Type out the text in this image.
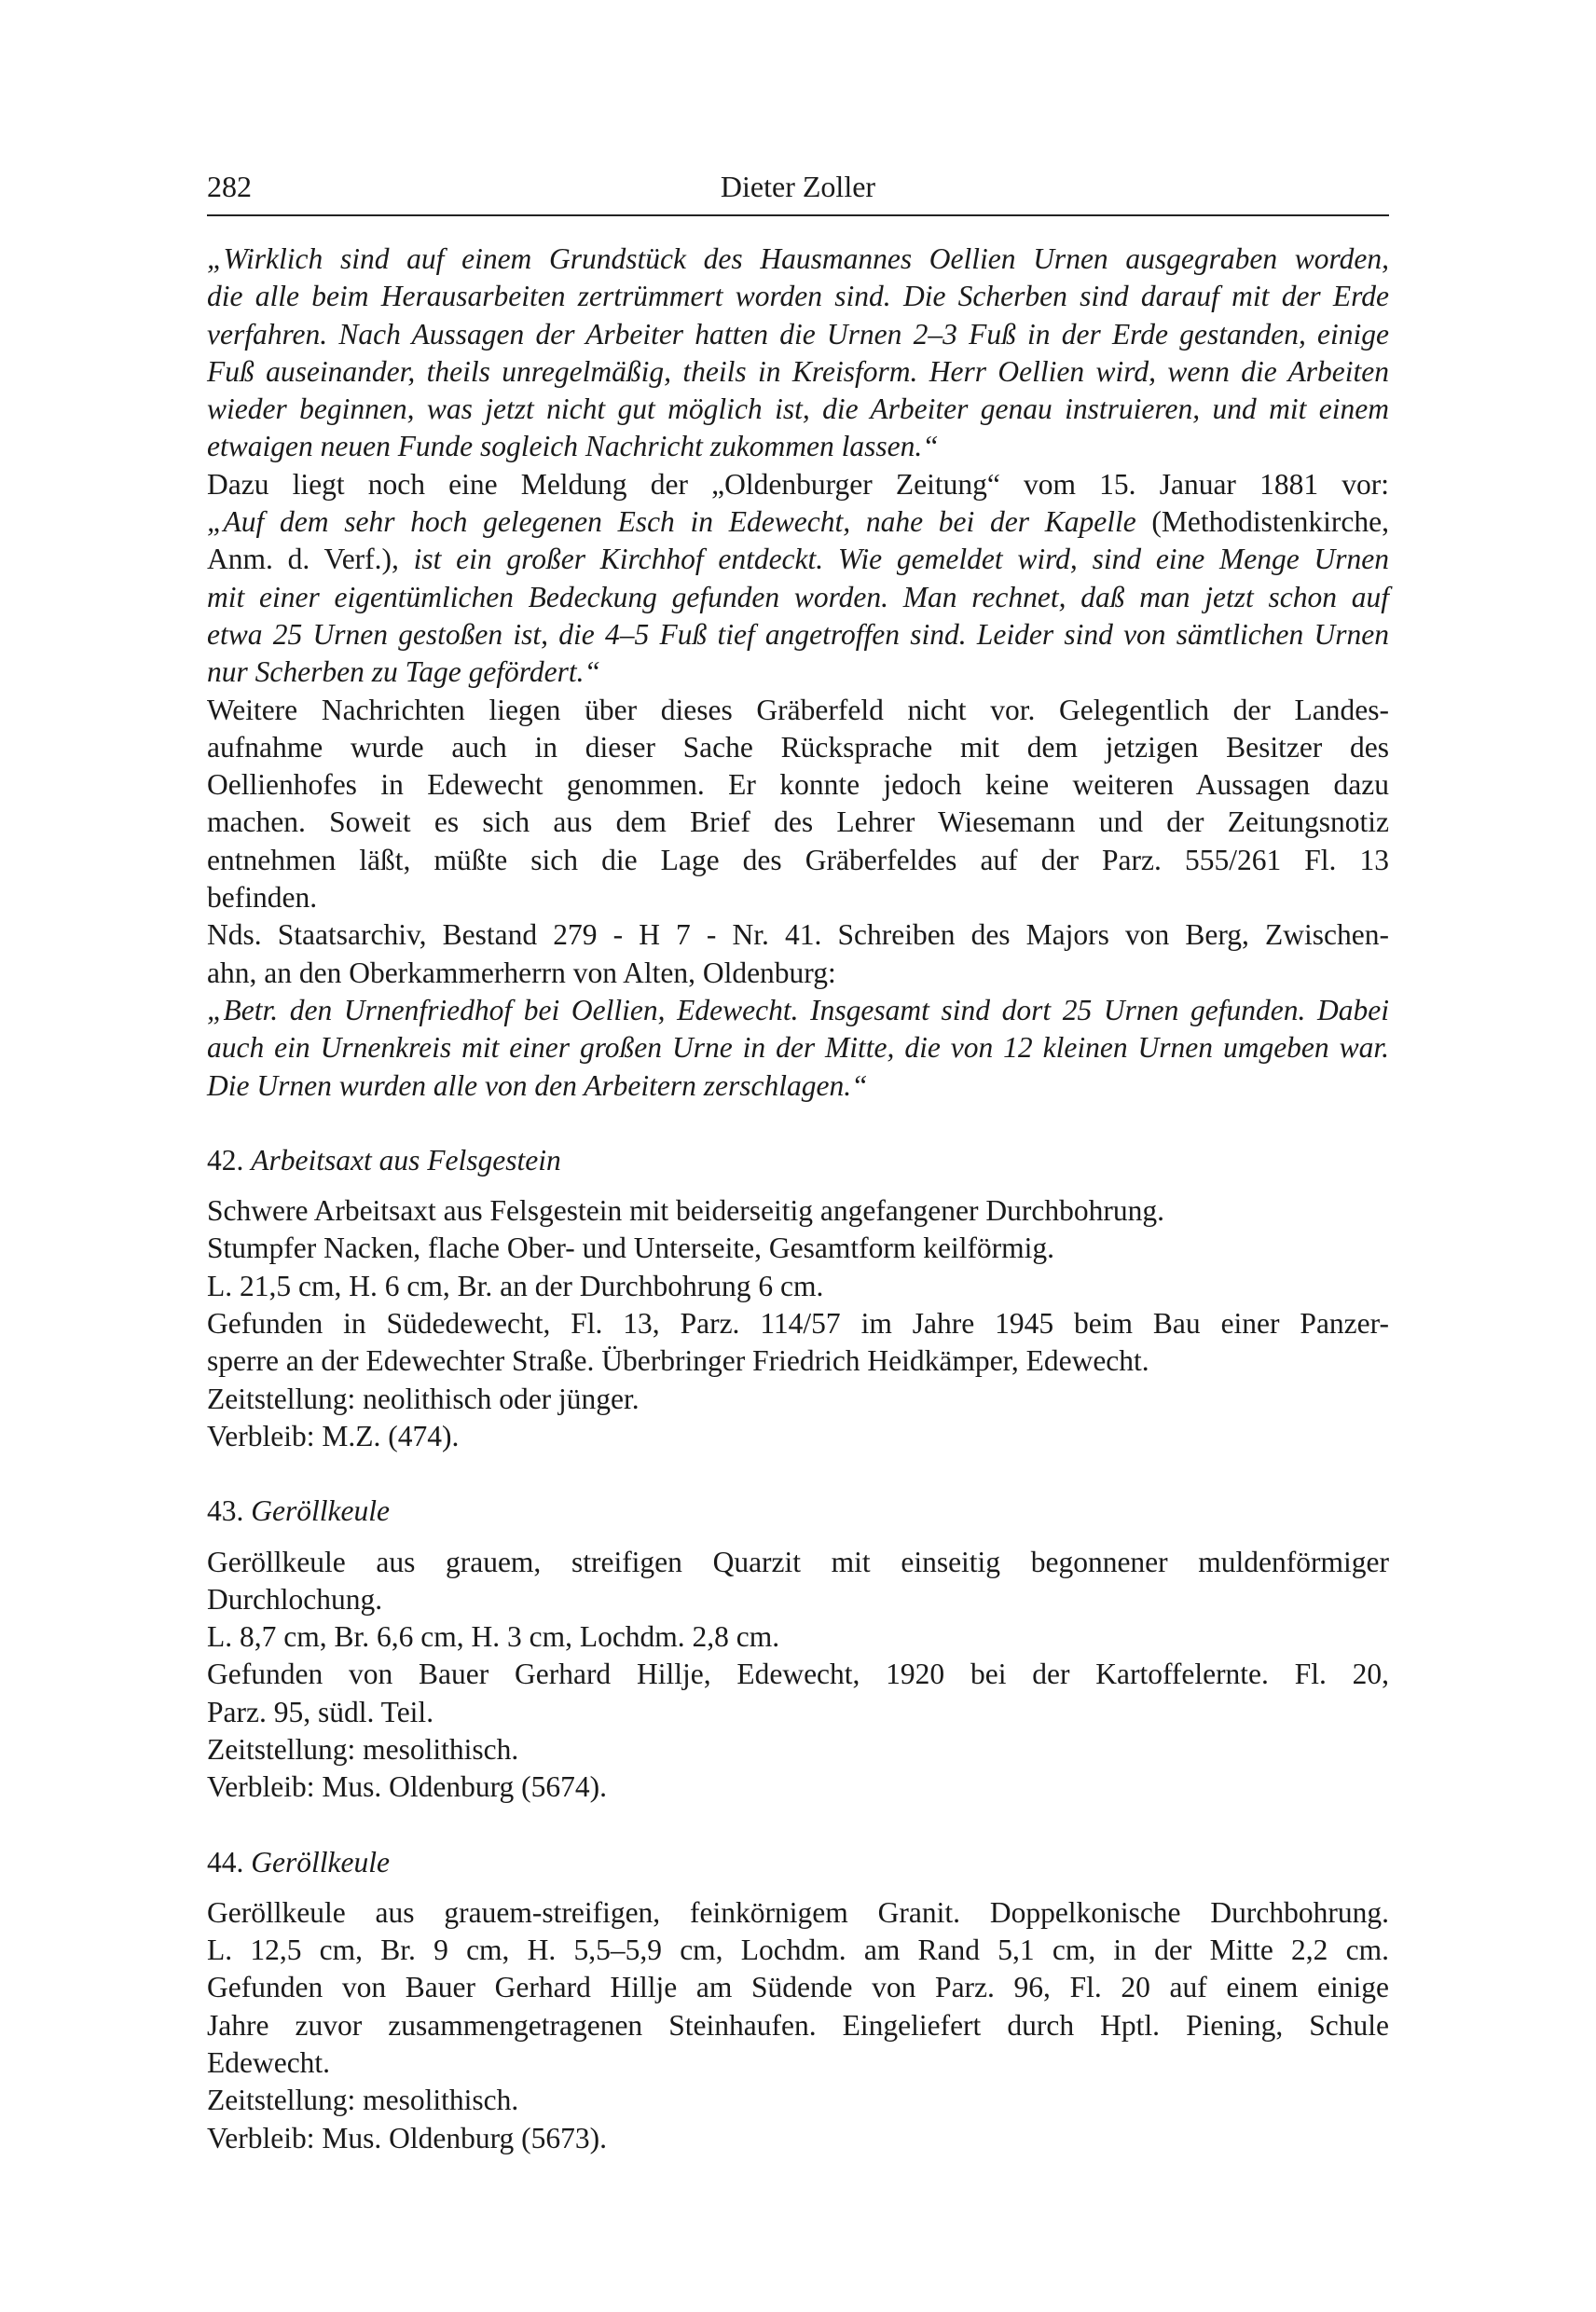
282	Dieter Zoller
„Wirklich sind auf einem Grundstück des Hausmannes Oellien Urnen ausgegraben worden,
die alle beim Herausarbeiten zertrümmert worden sind. Die Scherben sind darauf mit der Erde
verfahren. Nach Aussagen der Arbeiter hatten die Urnen 2–3 Fuß in der Erde gestanden, einige
Fuß auseinander, theils unregelmäßig, theils in Kreisform. Herr Oellien wird, wenn die Arbeiten
wieder beginnen, was jetzt nicht gut möglich ist, die Arbeiter genau instruieren, und mit einem
etwaigen neuen Funde sogleich Nachricht zukommen lassen.“
Dazu liegt noch eine Meldung der „Oldenburger Zeitung“ vom 15. Januar 1881 vor:
„Auf dem sehr hoch gelegenen Esch in Edewecht, nahe bei der Kapelle (Methodistenkirche,
Anm. d. Verf.), ist ein großer Kirchhof entdeckt. Wie gemeldet wird, sind eine Menge Urnen
mit einer eigentümlichen Bedeckung gefunden worden. Man rechnet, daß man jetzt schon auf
etwa 25 Urnen gestoßen ist, die 4–5 Fuß tief angetroffen sind. Leider sind von sämtlichen Urnen
nur Scherben zu Tage gefördert.“
Weitere Nachrichten liegen über dieses Gräberfeld nicht vor. Gelegentlich der Landes-
aufnahme wurde auch in dieser Sache Rücksprache mit dem jetzigen Besitzer des
Oellienhofes in Edewecht genommen. Er konnte jedoch keine weiteren Aussagen dazu
machen. Soweit es sich aus dem Brief des Lehrer Wiesemann und der Zeitungsnotiz
entnehmen läßt, müßte sich die Lage des Gräberfeldes auf der Parz. 555/261 Fl. 13
befinden.
Nds. Staatsarchiv, Bestand 279 - H 7 - Nr. 41. Schreiben des Majors von Berg, Zwischen-
ahn, an den Oberkammerherrn von Alten, Oldenburg:
„Betr. den Urnenfriedhof bei Oellien, Edewecht. Insgesamt sind dort 25 Urnen gefunden. Dabei
auch ein Urnenkreis mit einer großen Urne in der Mitte, die von 12 kleinen Urnen umgeben war.
Die Urnen wurden alle von den Arbeitern zerschlagen.“
42. Arbeitsaxt aus Felsgestein
Schwere Arbeitsaxt aus Felsgestein mit beiderseitig angefangener Durchbohrung.
Stumpfer Nacken, flache Ober- und Unterseite, Gesamtform keilförmig.
L. 21,5 cm, H. 6 cm, Br. an der Durchbohrung 6 cm.
Gefunden in Südedewecht, Fl. 13, Parz. 114/57 im Jahre 1945 beim Bau einer Panzer-
sperre an der Edewechter Straße. Überbringer Friedrich Heidkämper, Edewecht.
Zeitstellung: neolithisch oder jünger.
Verbleib: M.Z. (474).
43. Geröllkeule
Geröllkeule aus grauem, streifigen Quarzit mit einseitig begonnener muldenförmiger
Durchlochung.
L. 8,7 cm, Br. 6,6 cm, H. 3 cm, Lochdm. 2,8 cm.
Gefunden von Bauer Gerhard Hillje, Edewecht, 1920 bei der Kartoffelernte. Fl. 20,
Parz. 95, südl. Teil.
Zeitstellung: mesolithisch.
Verbleib: Mus. Oldenburg (5674).
44. Geröllkeule
Geröllkeule aus grauem-streifigen, feinkörnigem Granit. Doppelkonische Durchbohrung.
L. 12,5 cm, Br. 9 cm, H. 5,5–5,9 cm, Lochdm. am Rand 5,1 cm, in der Mitte 2,2 cm.
Gefunden von Bauer Gerhard Hillje am Südende von Parz. 96, Fl. 20 auf einem einige
Jahre zuvor zusammengetragenen Steinhaufen. Eingeliefert durch Hptl. Piening, Schule
Edewecht.
Zeitstellung: mesolithisch.
Verbleib: Mus. Oldenburg (5673).
